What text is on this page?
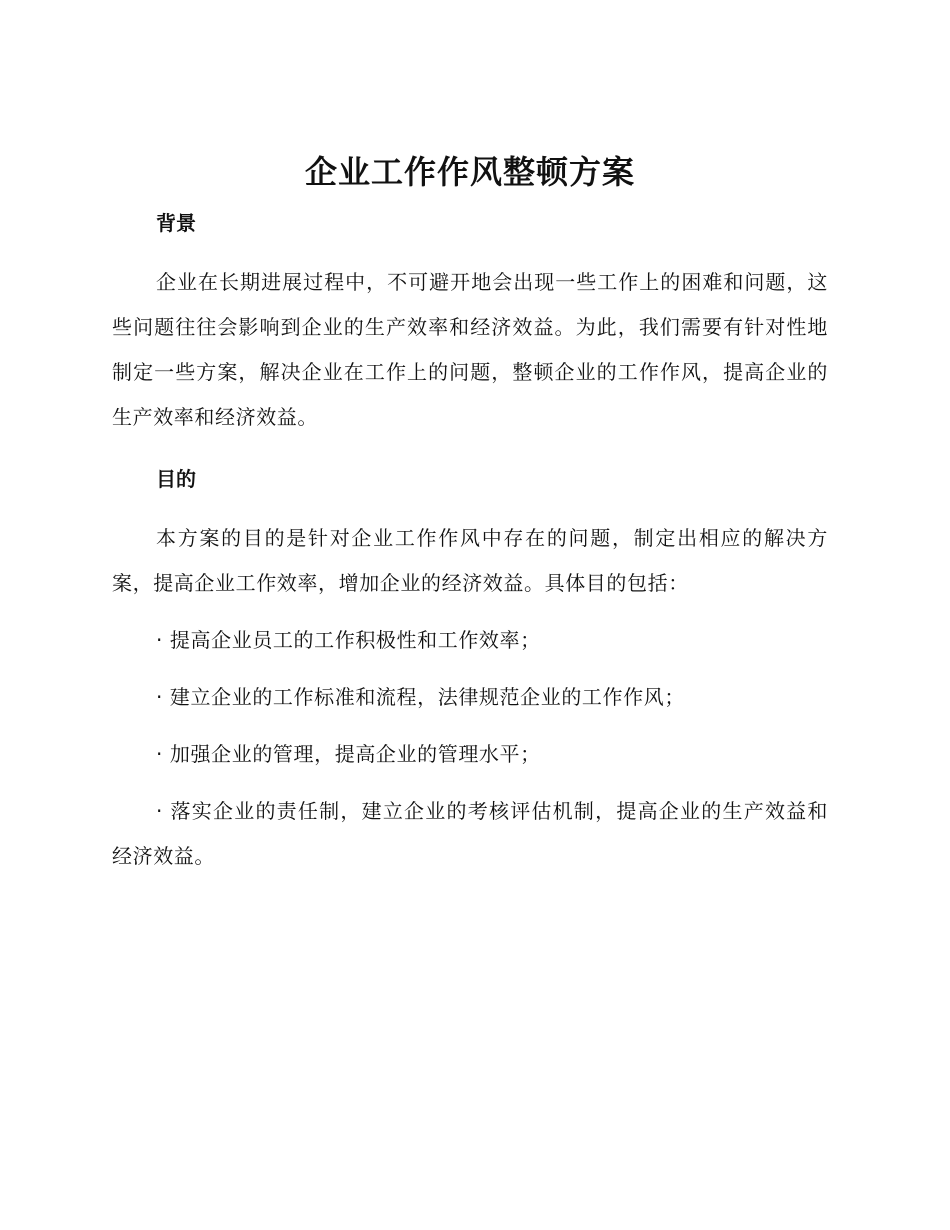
企业工作作风整顿方案
背景

企业在长期进展过程中，不可避开地会出现一些工作上的困难和问题，这些问题往往会影响到企业的生产效率和经济效益。为此，我们需要有针对性地制定一些方案，解决企业在工作上的问题，整顿企业的工作作风，提高企业的生产效率和经济效益。

目的

本方案的目的是针对企业工作作风中存在的问题，制定出相应的解决方案，提高企业工作效率，增加企业的经济效益。具体目的包括：

· 提高企业员工的工作积极性和工作效率；

· 建立企业的工作标准和流程，法律规范企业的工作作风；

· 加强企业的管理，提高企业的管理水平；

· 落实企业的责任制，建立企业的考核评估机制，提高企业的生产效益和经济效益。
